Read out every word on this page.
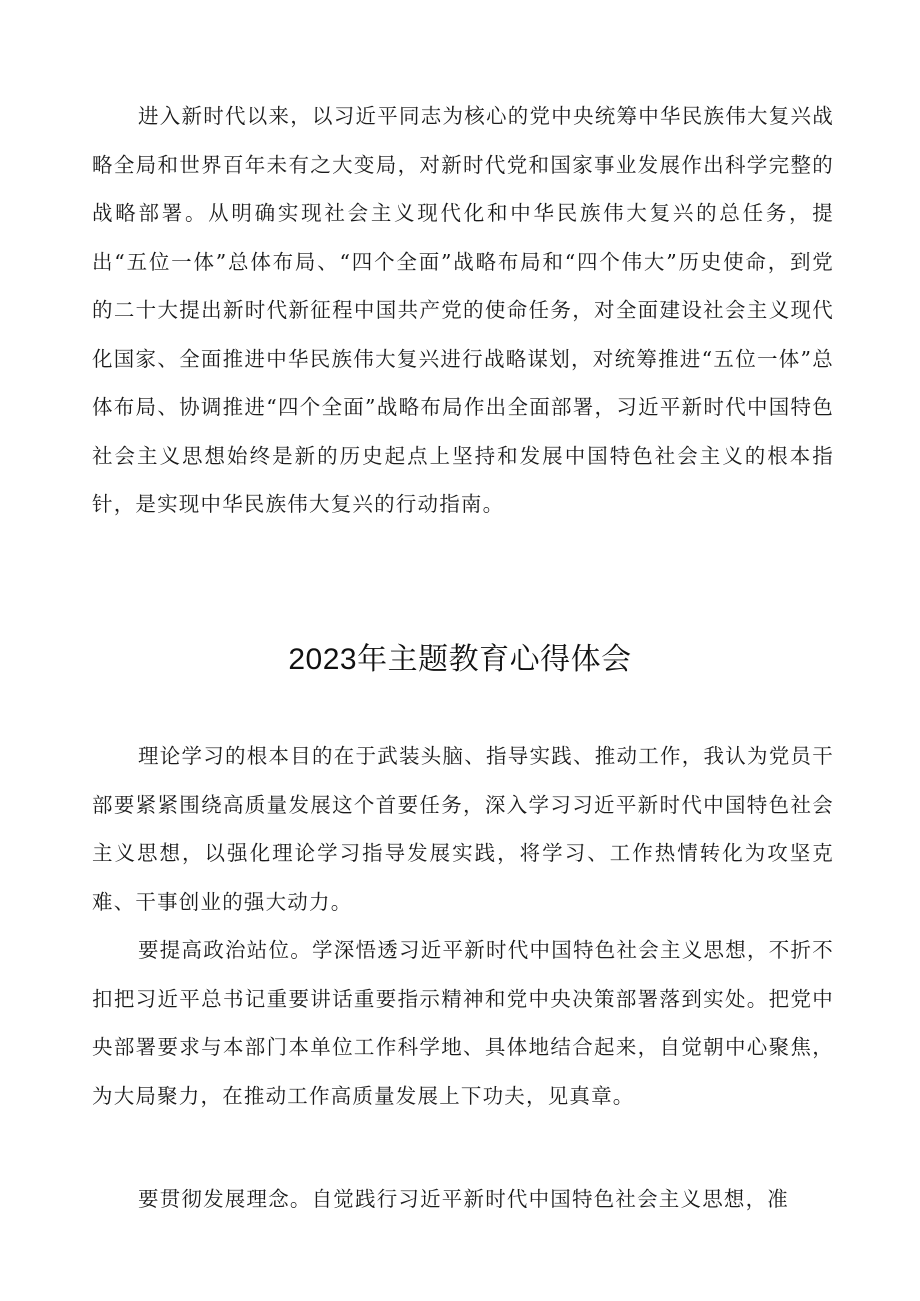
进入新时代以来，以习近平同志为核心的党中央统筹中华民族伟大复兴战略全局和世界百年未有之大变局，对新时代党和国家事业发展作出科学完整的战略部署。从明确实现社会主义现代化和中华民族伟大复兴的总任务，提出“五位一体”总体布局、“四个全面”战略布局和“四个伟大”历史使命，到党的二十大提出新时代新征程中国共产党的使命任务，对全面建设社会主义现代化国家、全面推进中华民族伟大复兴进行战略谋划，对统筹推进“五位一体”总体布局、协调推进“四个全面”战略布局作出全面部署，习近平新时代中国特色社会主义思想始终是新的历史起点上坚持和发展中国特色社会主义的根本指针，是实现中华民族伟大复兴的行动指南。

2023年主题教育心得体会

理论学习的根本目的在于武装头脑、指导实践、推动工作，我认为党员干部要紧紧围绕高质量发展这个首要任务，深入学习习近平新时代中国特色社会主义思想，以强化理论学习指导发展实践，将学习、工作热情转化为攻坚克难、干事创业的强大动力。

要提高政治站位。学深悟透习近平新时代中国特色社会主义思想，不折不扣把习近平总书记重要讲话重要指示精神和党中央决策部署落到实处。把党中央部署要求与本部门本单位工作科学地、具体地结合起来，自觉朝中心聚焦，为大局聚力，在推动工作高质量发展上下功夫，见真章。

要贯彻发展理念。自觉践行习近平新时代中国特色社会主义思想，准
